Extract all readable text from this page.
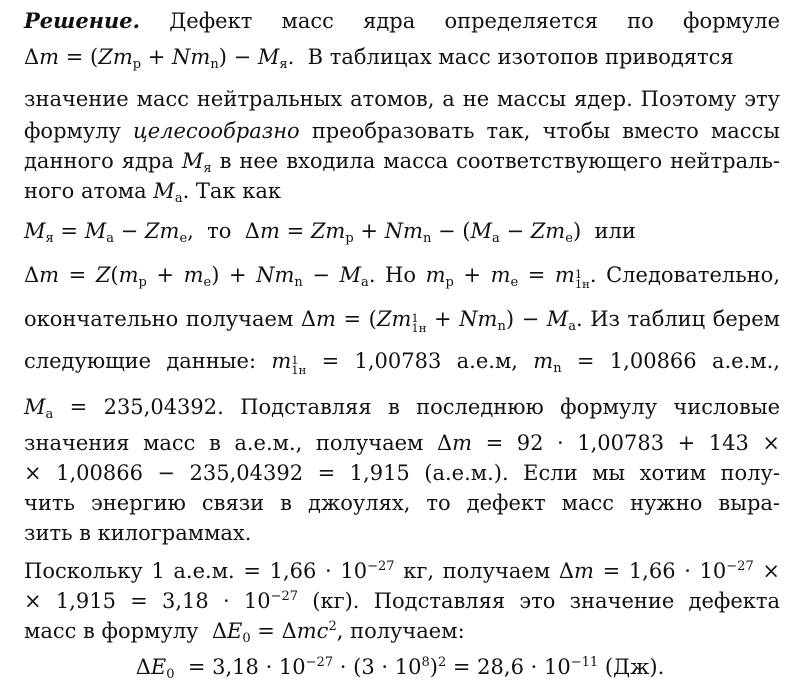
Решение. Дефект масс ядра определяется по формуле
$\Delta m = (Zm_p + Nm_n) - M_я$. В таблицах масс изотопов приводятся
значение масс нейтральных атомов, а не массы ядер. Поэтому эту
формулу целесообразно преобразовать так, чтобы вместо массы
данного ядра $M_я$ в нее входила масса соответствующего нейтраль-
ного атома $M_а$. Так как
$M_я = M_а - Zm_e$,  то  $\Delta m = Zm_p + Nm_n - (M_а - Zm_e)$  или
$\Delta m = Z(m_p + m_e) + Nm_n - M_а$. Но $m_p + m_e = m1$
1н. Следовательно,
окончательно получаем Δm = (Zm1
$1н + Nm_n) - M_а$. Из таблиц берем
следующие данные: m1
1н = 1,00783 а.е.м, $m_n = 1,00866$ а.е.м.,
$M_а = 235,04392$. Подставляя в последнюю формулу числовые
значения масс в а.е.м., получаем Δm = 92 · 1,00783 + 143 ×
× 1,00866 − 235,04392 = 1,915 (а.е.м.). Если мы хотим полу-
чить энергию связи в джоулях, то дефект масс нужно выра-
зить в килограммах.
Поскольку 1 а.е.м. = $1,66 \cdot 10^{-27}$ кг, получаем $\Delta m = 1,66 \cdot 10^{-27}$ ×
× $1,915 = 3,18 \cdot 10^{-27}$ (кг). Подставляя это значение дефекта
масс в формулу  $\Delta E_0 = \Delta mc^2$, получаем:
$\Delta E_0 = 3,18 \cdot 10^{-27} \cdot (3 \cdot 10^8)^2 = 28,6 \cdot 10^{-11}$ (Дж).
